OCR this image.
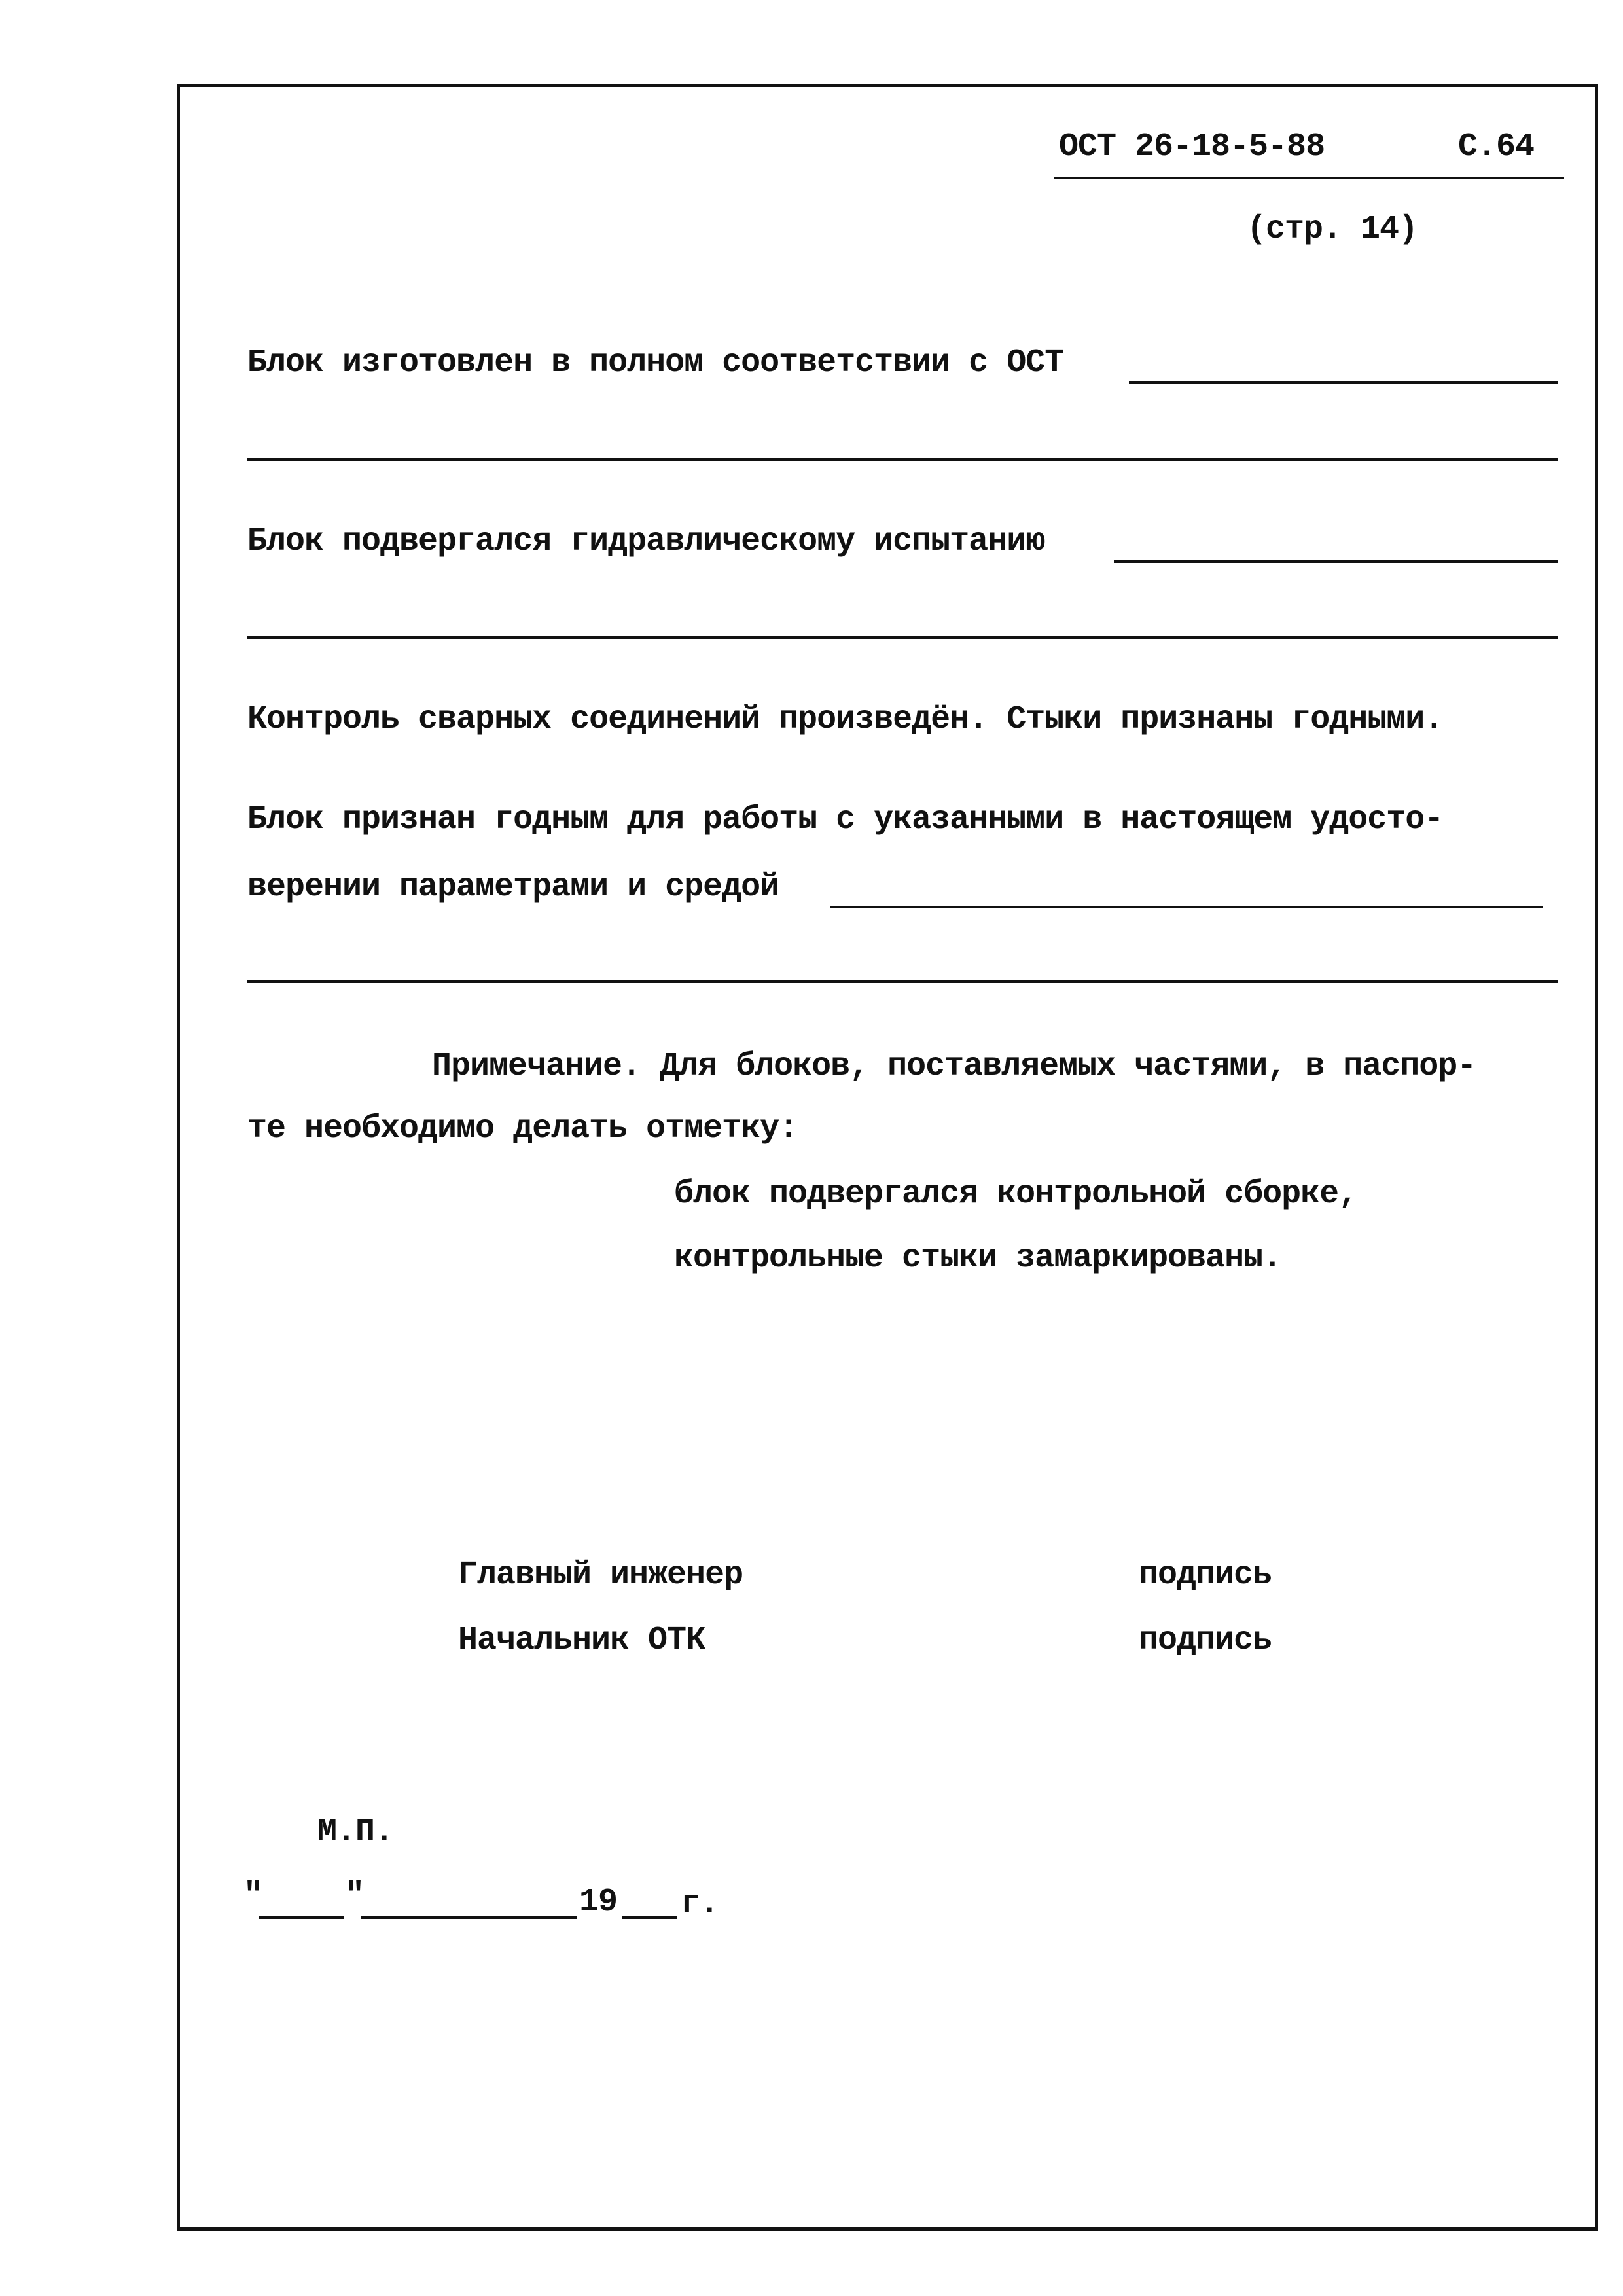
ОСТ 26-18-5-88	С.64
(стр. 14)
Блок изготовлен в полном соответствии с ОСТ
Блок подвергался гидравлическому испытанию
Контроль сварных соединений произведён. Стыки признаны годными.
Блок признан годным для работы с указанными в настоящем удосто-
верении параметрами и средой
Примечание. Для блоков, поставляемых частями, в паспор-
те необходимо делать отметку:
блок подвергался контрольной сборке,
контрольные стыки замаркированы.
Главный инженер	подпись
Начальник ОТК	подпись
М.П.
"	"	19 г.
